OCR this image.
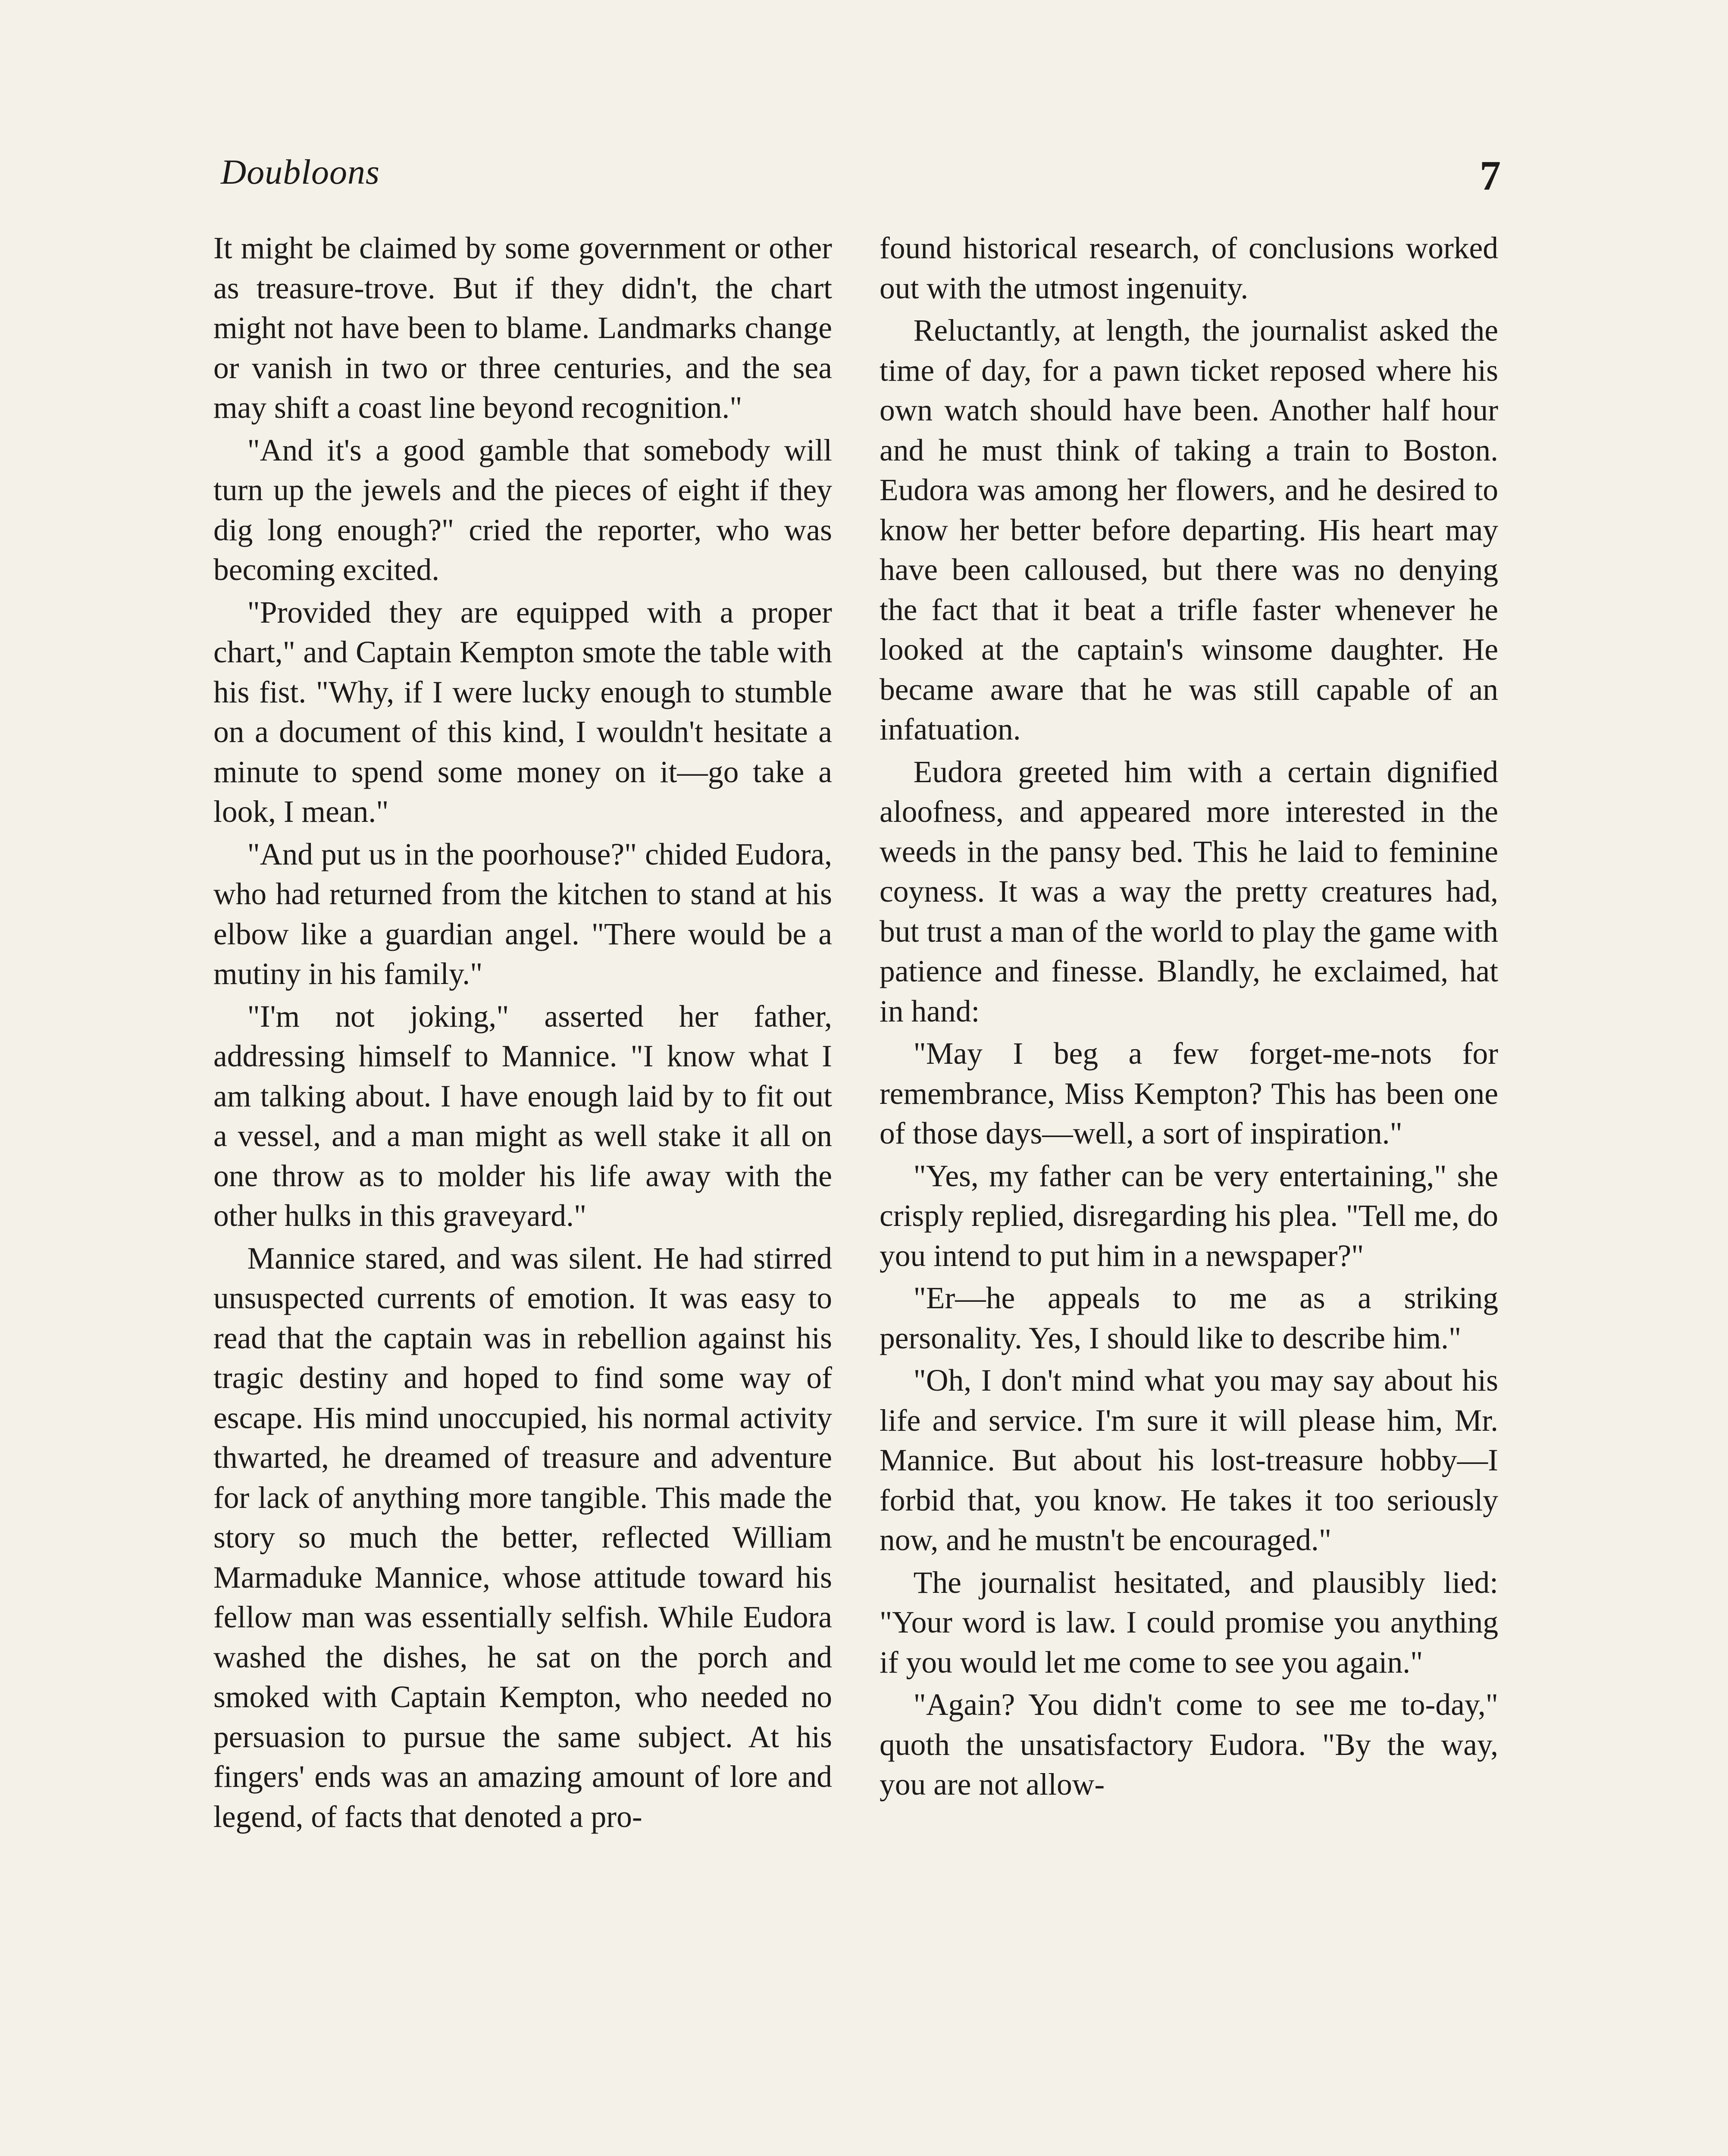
Doubloons	7

It might be claimed by some government or other as treasure-trove. But if they didn't, the chart might not have been to blame. Landmarks change or vanish in two or three centuries, and the sea may shift a coast line beyond recognition."

"And it's a good gamble that somebody will turn up the jewels and the pieces of eight if they dig long enough?" cried the reporter, who was becoming excited.

"Provided they are equipped with a proper chart," and Captain Kempton smote the table with his fist. "Why, if I were lucky enough to stumble on a document of this kind, I wouldn't hesitate a minute to spend some money on it—go take a look, I mean."

"And put us in the poorhouse?" chided Eudora, who had returned from the kitchen to stand at his elbow like a guardian angel. "There would be a mutiny in his family."

"I'm not joking," asserted her father, addressing himself to Mannice. "I know what I am talking about. I have enough laid by to fit out a vessel, and a man might as well stake it all on one throw as to molder his life away with the other hulks in this graveyard."

Mannice stared, and was silent. He had stirred unsuspected currents of emotion. It was easy to read that the captain was in rebellion against his tragic destiny and hoped to find some way of escape. His mind unoccupied, his normal activity thwarted, he dreamed of treasure and adventure for lack of anything more tangible. This made the story so much the better, reflected William Marmaduke Mannice, whose attitude toward his fellow man was essentially selfish. While Eudora washed the dishes, he sat on the porch and smoked with Captain Kempton, who needed no persuasion to pursue the same subject. At his fingers' ends was an amazing amount of lore and legend, of facts that denoted a pro-

found historical research, of conclusions worked out with the utmost ingenuity.

Reluctantly, at length, the journalist asked the time of day, for a pawn ticket reposed where his own watch should have been. Another half hour and he must think of taking a train to Boston. Eudora was among her flowers, and he desired to know her better before departing. His heart may have been calloused, but there was no denying the fact that it beat a trifle faster whenever he looked at the captain's winsome daughter. He became aware that he was still capable of an infatuation.

Eudora greeted him with a certain dignified aloofness, and appeared more interested in the weeds in the pansy bed. This he laid to feminine coyness. It was a way the pretty creatures had, but trust a man of the world to play the game with patience and finesse. Blandly, he exclaimed, hat in hand:

"May I beg a few forget-me-nots for remembrance, Miss Kempton? This has been one of those days—well, a sort of inspiration."

"Yes, my father can be very entertaining," she crisply replied, disregarding his plea. "Tell me, do you intend to put him in a newspaper?"

"Er—he appeals to me as a striking personality. Yes, I should like to describe him."

"Oh, I don't mind what you may say about his life and service. I'm sure it will please him, Mr. Mannice. But about his lost-treasure hobby—I forbid that, you know. He takes it too seriously now, and he mustn't be encouraged."

The journalist hesitated, and plausibly lied: "Your word is law. I could promise you anything if you would let me come to see you again."

"Again? You didn't come to see me to-day," quoth the unsatisfactory Eudora. "By the way, you are not allow-
